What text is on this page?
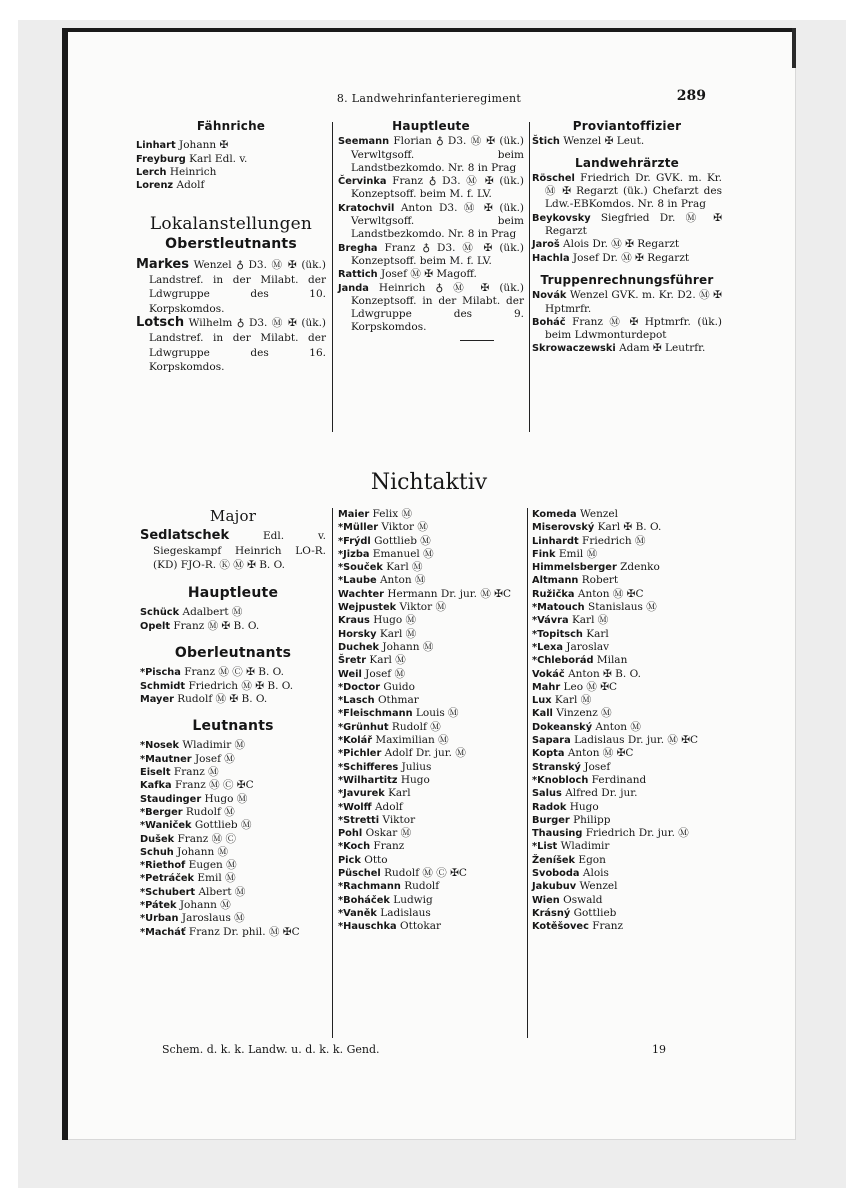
8. Landwehrinfanterieregiment	289

Fähnriche

Linhart Johann ✠

Freyburg Karl Edl. v.

Lerch Heinrich

Lorenz Adolf

Lokalanstellungen

Oberstleutnants

Markes Wenzel ♁ D3. Ⓜ ✠ (ük.) Landstref. in der Milabt. der Ldwgruppe des 10. Korpskomdos.

Lotsch Wilhelm ♁ D3. Ⓜ ✠ (ük.) Landstref. in der Milabt. der Ldwgruppe des 16. Korpskomdos.

Hauptleute

Seemann Florian ♁ D3. Ⓜ ✠ (ük.) Verwltgsoff. beim Landstbezkomdo. Nr. 8 in Prag

Červinka Franz ♁ D3. Ⓜ ✠ (ük.) Konzeptsoff. beim M. f. LV.

Kratochvil Anton D3. Ⓜ ✠ (ük.) Verwltgsoff. beim Landstbezkomdo. Nr. 8 in Prag

Bregha Franz ♁ D3. Ⓜ ✠ (ük.) Konzeptsoff. beim M. f. LV.

Rattich Josef Ⓜ ✠ Magoff.

Janda Heinrich ♁ Ⓜ ✠ (ük.) Konzeptsoff. in der Milabt. der Ldwgruppe des 9. Korpskomdos.

Proviantoffizier

Štich Wenzel ✠ Leut.

Landwehrärzte

Röschel Friedrich Dr. GVK. m. Kr. Ⓜ ✠ Regarzt (ük.) Chefarzt des Ldw.-EBKomdos. Nr. 8 in Prag

Beykovsky Siegfried Dr. Ⓜ ✠ Regarzt

Jaroš Alois Dr. Ⓜ ✠ Regarzt

Hachla Josef Dr. Ⓜ ✠ Regarzt

Truppenrechnungsführer

Novák Wenzel GVK. m. Kr. D2. Ⓜ ✠ Hptmrfr.

Boháč Franz Ⓜ ✠ Hptmrfr. (ük.) beim Ldwmonturdepot

Skrowaczewski Adam ✠ Leutrfr.

Nichtaktiv

Major

Sedlatschek	Edl. v. Siegeskampf Heinrich LO-R. (KD) FJO-R. Ⓚ Ⓜ ✠ B. O.

Hauptleute

Schück Adalbert Ⓜ

Opelt Franz Ⓜ ✠ B. O.

Oberleutnants

*Pischa Franz Ⓜ Ⓒ ✠ B. O.

Schmidt Friedrich Ⓜ ✠ B. O.

Mayer Rudolf Ⓜ ✠ B. O.

Leutnants

*Nosek Wladimir Ⓜ

*Mautner Josef Ⓜ

Eiselt Franz Ⓜ

Kafka Franz Ⓜ Ⓒ ✠C

Staudinger Hugo Ⓜ

*Berger Rudolf Ⓜ

*Waniček Gottlieb Ⓜ

Dušek Franz Ⓜ Ⓒ

Schuh Johann Ⓜ

*Riethof Eugen Ⓜ

*Petráček Emil Ⓜ

*Schubert Albert Ⓜ

*Pátek Johann Ⓜ

*Urban Jaroslaus Ⓜ

*Macháť Franz Dr. phil. Ⓜ ✠C

Maier Felix Ⓜ

*Müller Viktor Ⓜ

*Frýdl Gottlieb Ⓜ

*Jizba Emanuel Ⓜ

*Souček Karl Ⓜ

*Laube Anton Ⓜ

Wachter Hermann Dr. jur. Ⓜ ✠C

Wejpustek Viktor Ⓜ

Kraus Hugo Ⓜ

Horsky Karl Ⓜ

Duchek Johann Ⓜ

Šretr Karl Ⓜ

Weil Josef Ⓜ

*Doctor Guido

*Lasch Othmar

*Fleischmann Louis Ⓜ

*Grünhut Rudolf Ⓜ

*Kolář Maximilian Ⓜ

*Pichler Adolf Dr. jur. Ⓜ

*Schifferes Julius

*Wilhartitz Hugo

*Javurek Karl

*Wolff Adolf

*Stretti Viktor

Pohl Oskar Ⓜ

*Koch Franz

Pick Otto

Püschel Rudolf Ⓜ Ⓒ ✠C

*Rachmann Rudolf

*Boháček Ludwig

*Vaněk Ladislaus

*Hauschka Ottokar

Komeda Wenzel

Miserovský Karl ✠ B. O.

Linhardt Friedrich Ⓜ

Fink Emil Ⓜ

Himmelsberger Zdenko

Altmann Robert

Ružička Anton Ⓜ ✠C

*Matouch Stanislaus Ⓜ

*Vávra Karl Ⓜ

*Topitsch Karl

*Lexa Jaroslav

*Chleborád Milan

Vokáč Anton ✠ B. O.

Mahr Leo Ⓜ ✠C

Lux Karl Ⓜ

Kall Vinzenz Ⓜ

Dokeanský Anton Ⓜ

Sapara Ladislaus Dr. jur. Ⓜ ✠C

Kopta Anton Ⓜ ✠C

Stranský Josef

*Knobloch Ferdinand

Salus Alfred Dr. jur.

Radok Hugo

Burger Philipp

Thausing Friedrich Dr. jur. Ⓜ

*List Wladimir

Ženíšek Egon

Svoboda Alois

Jakubuv Wenzel

Wien Oswald

Krásný Gottlieb

Kotěšovec Franz

Schem. d. k. k. Landw. u. d. k. k. Gend.	19
